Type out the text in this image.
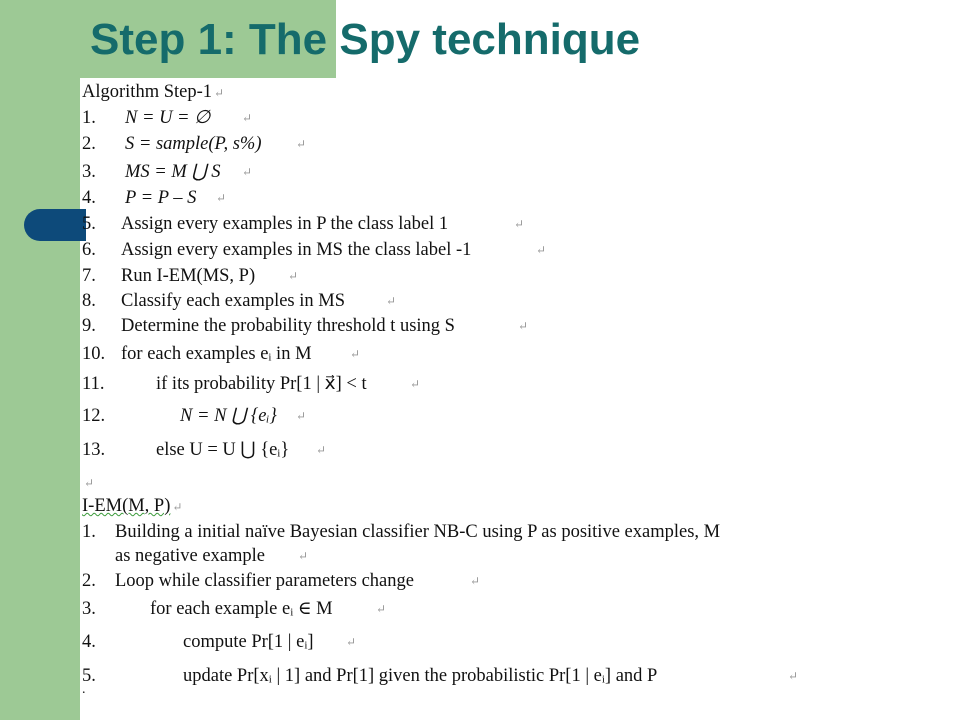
Step 1: The Spy technique
Algorithm Step-1 ↵
1. N = U = ∅	↵
2. S = sample(P, s%)	↵
3. MS = M ⋃ S ↵
4. P = P – S ↵
5. Assign every examples in P the class label 1	↵
6. Assign every examples in MS the class label -1	↵
7. Run I-EM(MS, P)	↵
8. Classify each examples in MS	↵
9. Determine the probability threshold t using S	↵
10. for each examples eᵢ in M	↵
11.	if its probability Pr[1 | x⃗] < t	↵
12.	N = N ⋃ {eᵢ} ↵
13.	else U = U ⋃ {eᵢ} ↵
↵
I-EM(M, P) ↵
1. Building a initial naïve Bayesian classifier NB-C using P as positive examples, M
as negative example	↵
2. Loop while classifier parameters change	↵
3.	for each example eᵢ ∈ M	↵
4.	compute Pr[1 | eᵢ]	↵
5.	update Pr[xᵢ | 1] and Pr[1] given the probabilistic Pr[1 | eᵢ] and P	↵
.
